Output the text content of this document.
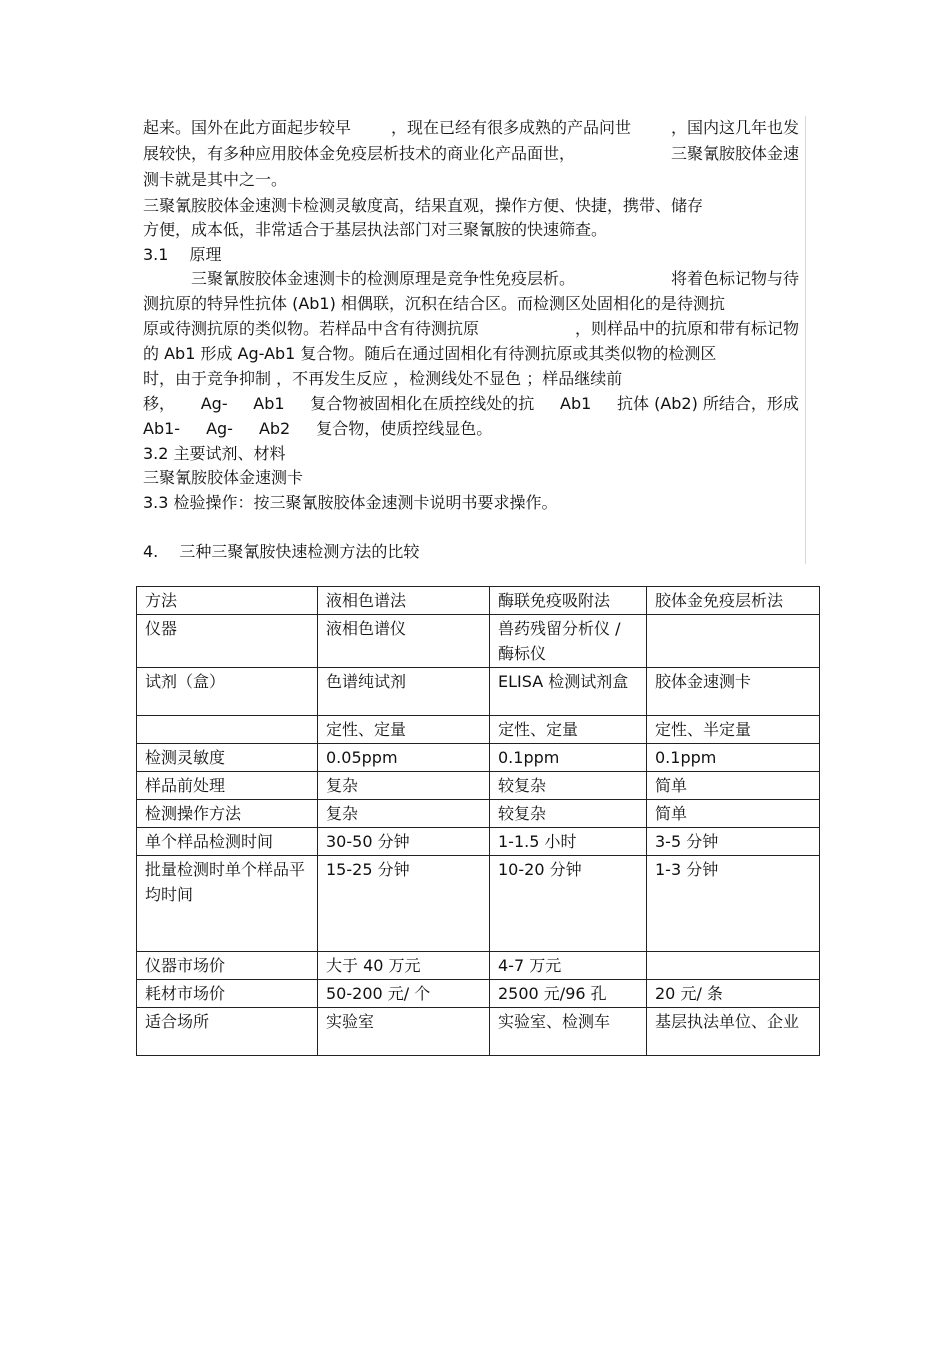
起来。国外在此方面起步较早 ，现在已经有很多成熟的产品问世 ，国内这几年也发
展较快，有多种应用胶体金免疫层析技术的商业化产品面世，	三聚氰胺胶体金速
测卡就是其中之一。
三聚氰胺胶体金速测卡检测灵敏度高，结果直观，操作方便、快捷，携带、储存
方便，成本低，非常适合于基层执法部门对三聚氰胺的快速筛查。
3.1　 原理
　　　三聚氰胺胶体金速测卡的检测原理是竞争性免疫层析。	将着色标记物与待
测抗原的特异性抗体 (Ab1) 相偶联，沉积在结合区。而检测区处固相化的是待测抗
原或待测抗原的类似物。若样品中含有待测抗原	，则样品中的抗原和带有标记物
的 Ab1 形成 Ag-Ab1 复合物。随后在通过固相化有待测抗原或其类似物的检测区
时，由于竞争抑制 ，不再发生反应 ，检测线处不显色 ；样品继续前
移， Ag- Ab1 复合物被固相化在质控线处的抗 Ab1 抗体 (Ab2) 所结合，形成
Ab1- Ag- Ab2 复合物，使质控线显色。
3.2 主要试剂、材料
三聚氰胺胶体金速测卡
3.3 检验操作：按三聚氰胺胶体金速测卡说明书要求操作。
4.　 三种三聚氰胺快速检测方法的比较
方法	液相色谱法	酶联免疫吸附法	胶体金免疫层析法
仪器	液相色谱仪	兽药残留分析仪 / 酶标仪	
试剂（盒）	色谱纯试剂	ELISA 检测试剂盒	胶体金速测卡
	定性、定量	定性、定量	定性、半定量
检测灵敏度	0.05ppm	0.1ppm	0.1ppm
样品前处理	复杂	较复杂	简单
检测操作方法	复杂	较复杂	简单
单个样品检测时间	30-50 分钟	1-1.5 小时	3-5 分钟
批量检测时单个样品平均时间	15-25 分钟	10-20 分钟	1-3 分钟
仪器市场价	大于 40 万元	4-7 万元	
耗材市场价	50-200 元/ 个	2500 元/96 孔	20 元/ 条
适合场所	实验室	实验室、检测车	基层执法单位、企业
